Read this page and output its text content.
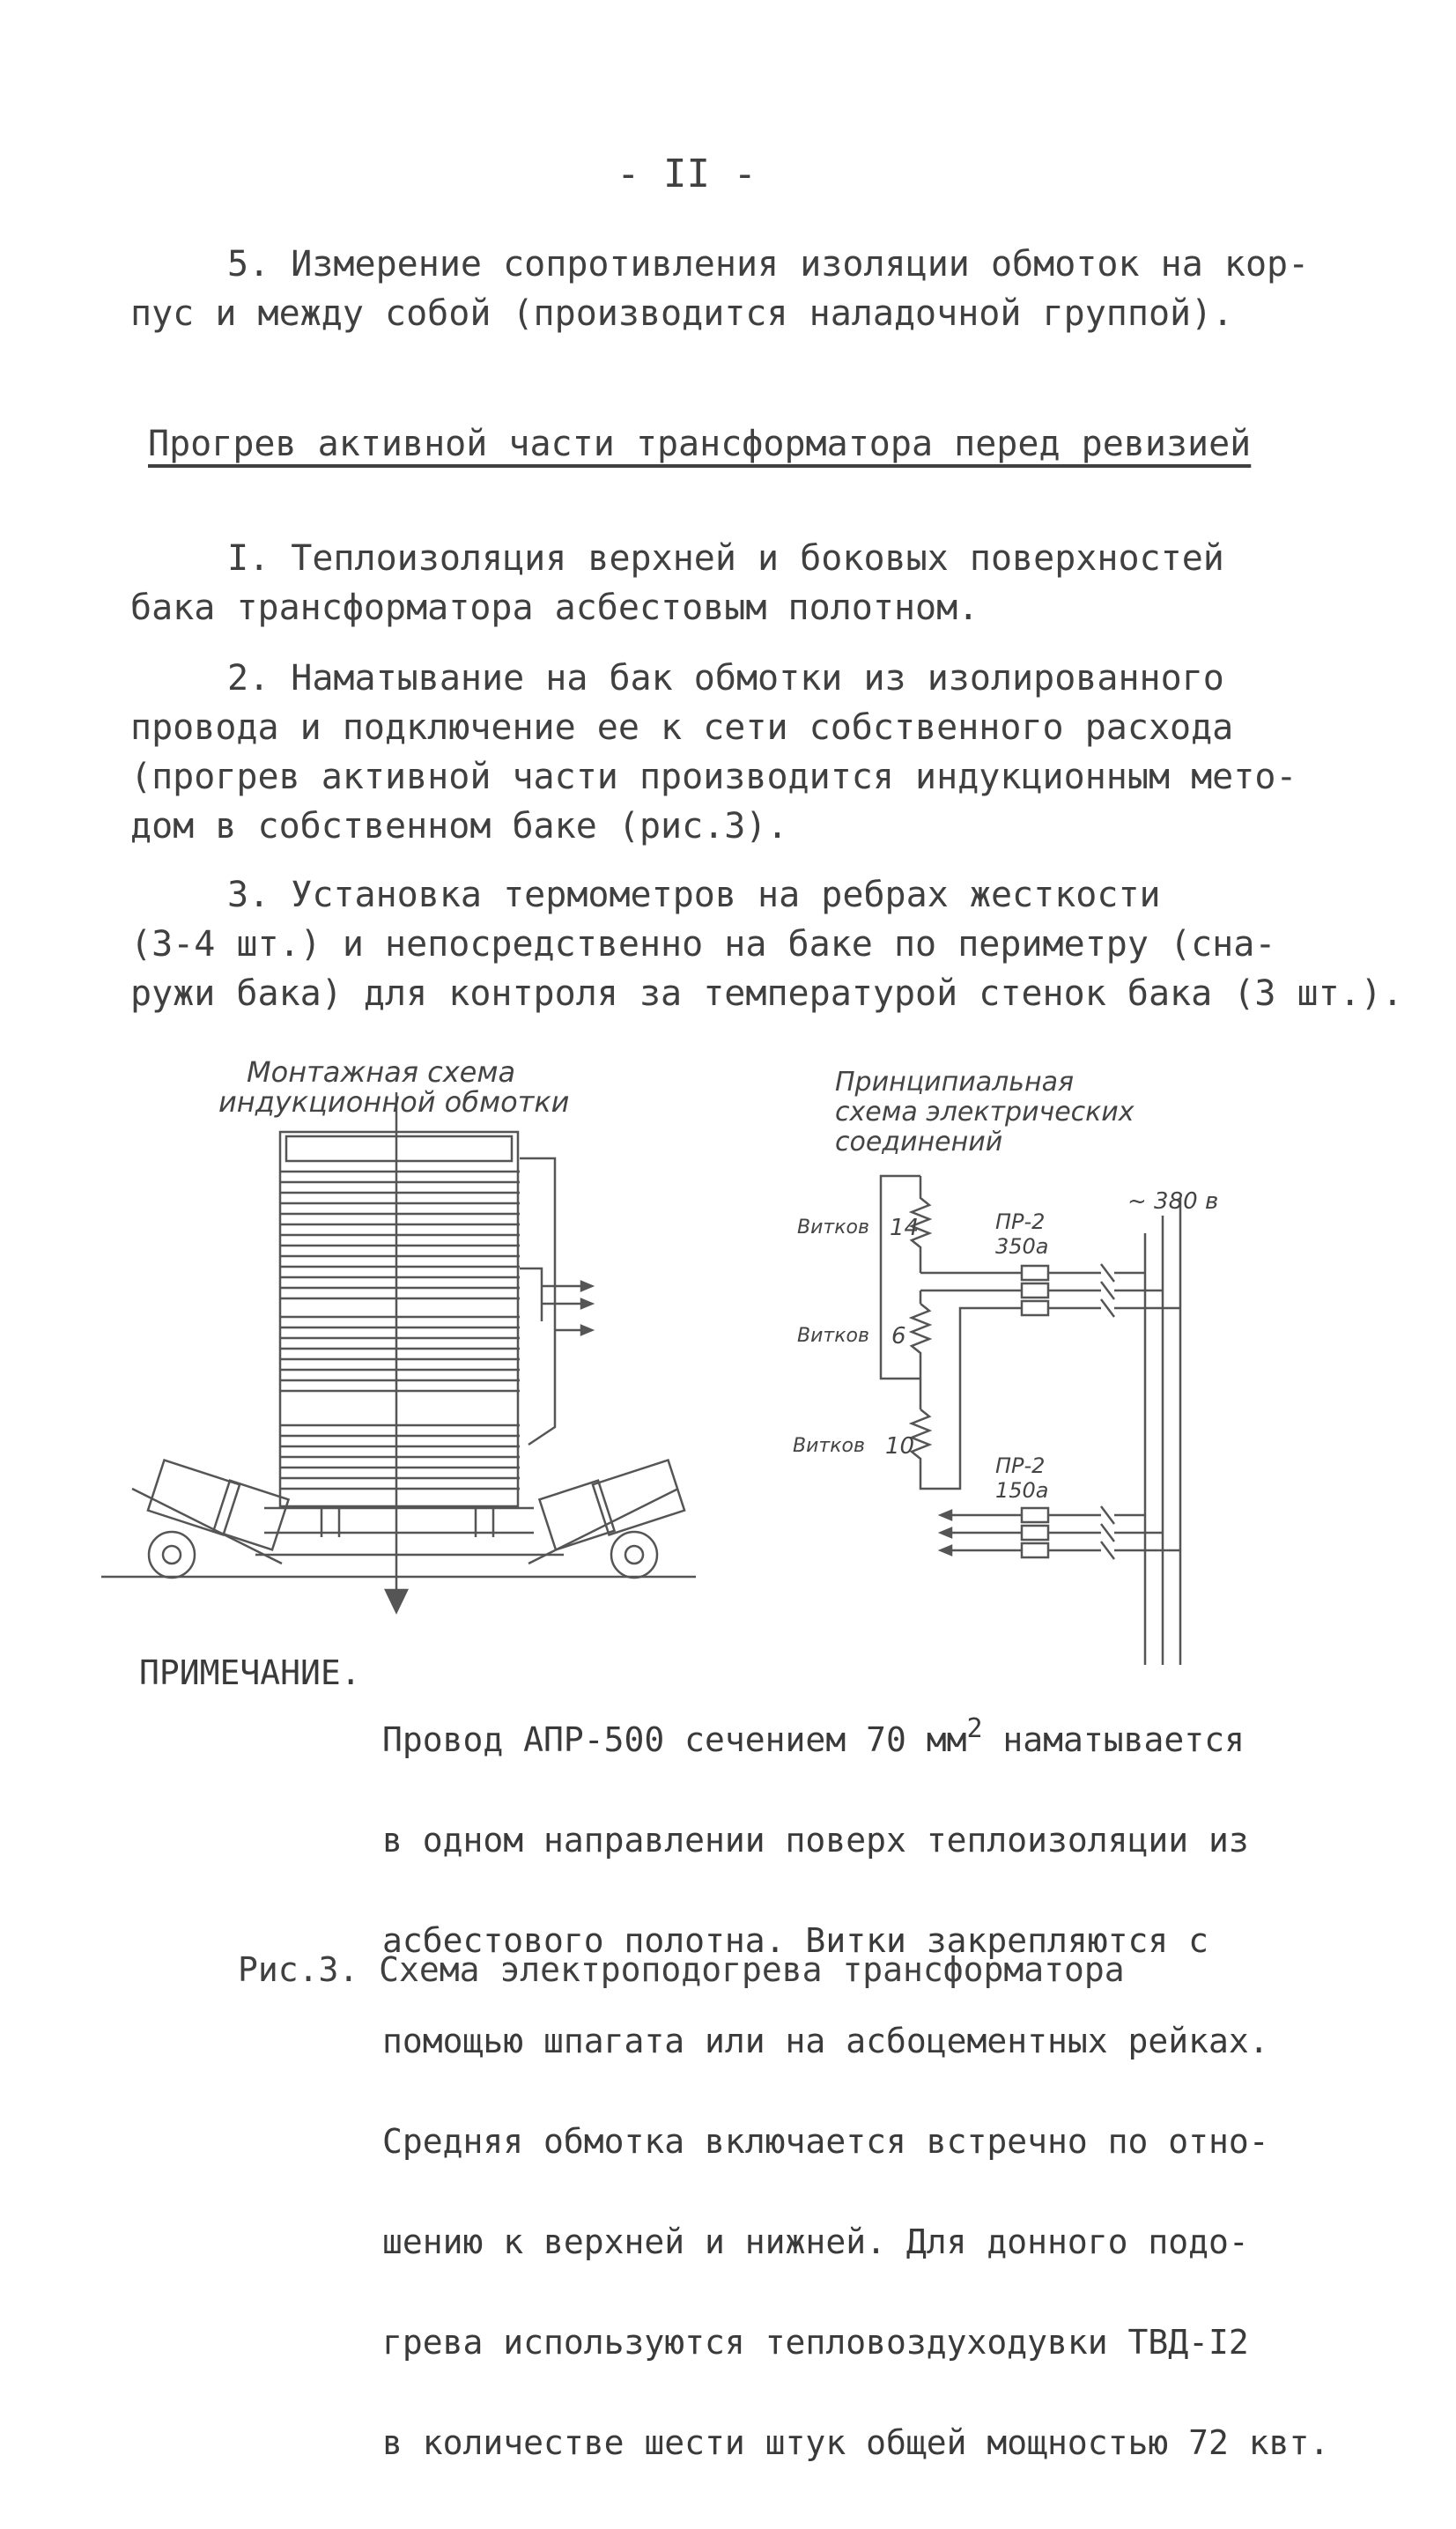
- II -
5. Измерение сопротивления изоляции обмоток на кор-
пус и между собой (производится наладочной группой).
Прогрев активной части трансформатора перед ревизией
I. Теплоизоляция верхней и боковых поверхностей
бака трансформатора асбестовым полотном.
2. Наматывание на бак обмотки из изолированного
провода и подключение ее к сети собственного расхода
(прогрев активной части производится индукционным мето-
дом в собственном баке (рис.3).
3. Установка термометров на ребрах жесткости
(3-4 шт.) и непосредственно на баке по периметру (сна-
ружи бака) для контроля за температурой стенок бака (3 шт.).
Монтажная схема
индукционной обмотки
Принципиальная
схема электрических
соединений
~ 380 в
Витков 14
Витков 6
Витков 10
ПР-2
350а
ПР-2
150а
ПРИМЕЧАНИЕ.

Провод АПР-500 сечением 70 $мм^2$ наматывается

в одном направлении поверх теплоизоляции из

асбестового полотна. Витки закрепляются с

помощью шпагата или на асбоцементных рейках.

Средняя обмотка включается встречно по отно-

шению к верхней и нижней. Для донного подо-

грева используются тепловоздуходувки ТВД-I2

в количестве шести штук общей мощностью 72 квт.

Рис.3. Схема электроподогрева трансформатора
